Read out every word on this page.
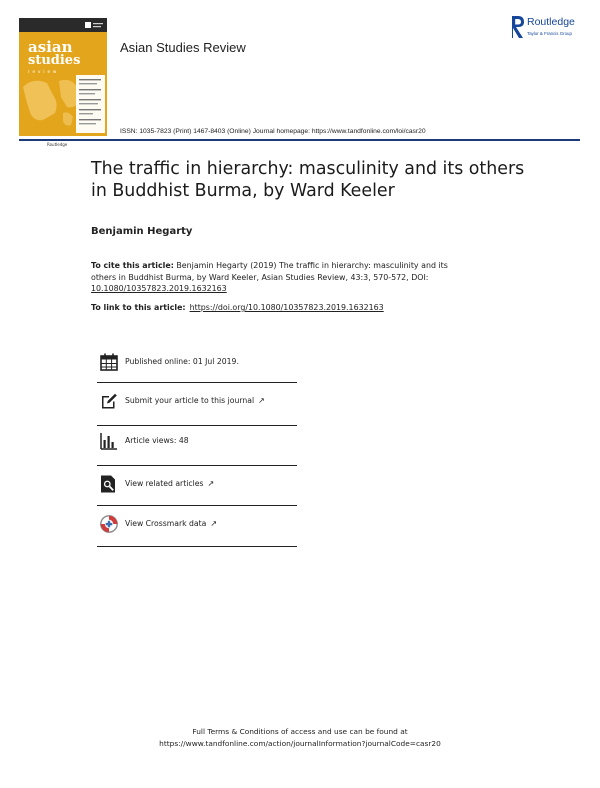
asian
studies
review
Routledge
Asian Studies Review
Routledge
Taylor & Francis Group
ISSN: 1035-7823 (Print) 1467-8403 (Online) Journal homepage: https://www.tandfonline.com/loi/casr20
The traffic in hierarchy: masculinity and its others
in Buddhist Burma, by Ward Keeler
Benjamin Hegarty
To cite this article: Benjamin Hegarty (2019) The traffic in hierarchy: masculinity and its
others in Buddhist Burma, by Ward Keeler, Asian Studies Review, 43:3, 570-572, DOI:
10.1080/10357823.2019.1632163
To link to this article: https://doi.org/10.1080/10357823.2019.1632163
Published online: 01 Jul 2019.
Submit your article to this journal ↗
Article views: 48
View related articles ↗
View Crossmark data ↗
Full Terms & Conditions of access and use can be found at
https://www.tandfonline.com/action/journalInformation?journalCode=casr20
